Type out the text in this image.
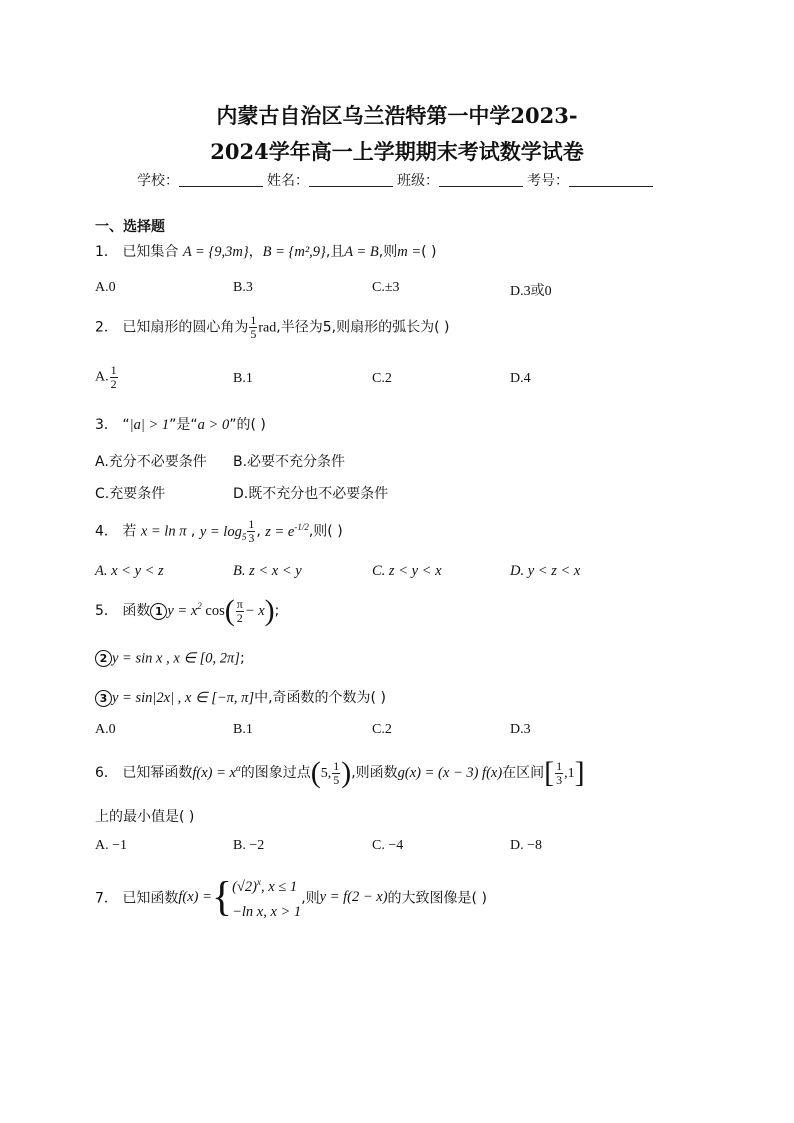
内蒙古自治区乌兰浩特第一中学2023-
2024学年高一上学期期末考试数学试卷
学校：	姓名：	班级：	考号：
一、选择题
1． 已知集合 A = {9,3m}，B = {m²,9},且A = B,则m =( )
A.0	B.3	C.±3	D.3或0
2． 已知扇形的圆心角为 $\frac{1}{5}$ rad,半径为5,则扇形的弧长为( )
A. $\frac{1}{2}$	B.1	C.2	D.4
3． “|a| > 1”是“a > 0”的( )
A.充分不必要条件 B.必要不充分条件
C.充要条件	D.既不充分也不必要条件
4． 若 x = ln π , $y = \log_5 \frac{1}{3}$ , $z = e^{-1/2}$,则( )
A. x < y < z	B. z < x < y	C. z < y < x	D. y < z < x
5． 函数 1 $y = x^2$ $\cos( \frac{\pi}{2} - x)$;
2 y = sin x , x ∈ [0, 2π];
3 y = sin|2x| , x ∈ [−π, π]中,奇函数的个数为( )
A.0	B.1	C.2	D.3
6． 已知幂函数$f(x) = x^\alpha$的图象过点(5, $\frac{1}{5}$ ),则函数g(x) = (x − 3) f(x)在区间[ $\frac{1}{3} ,1$]
上的最小值是( )
A. −1	B. −2	C. −4	D. −8
7． 已知函数f(x) ={ $(√2)^x$, x ≤ 1
−ln x, x > 1
,则y = f(2 − x)的大致图像是( )
